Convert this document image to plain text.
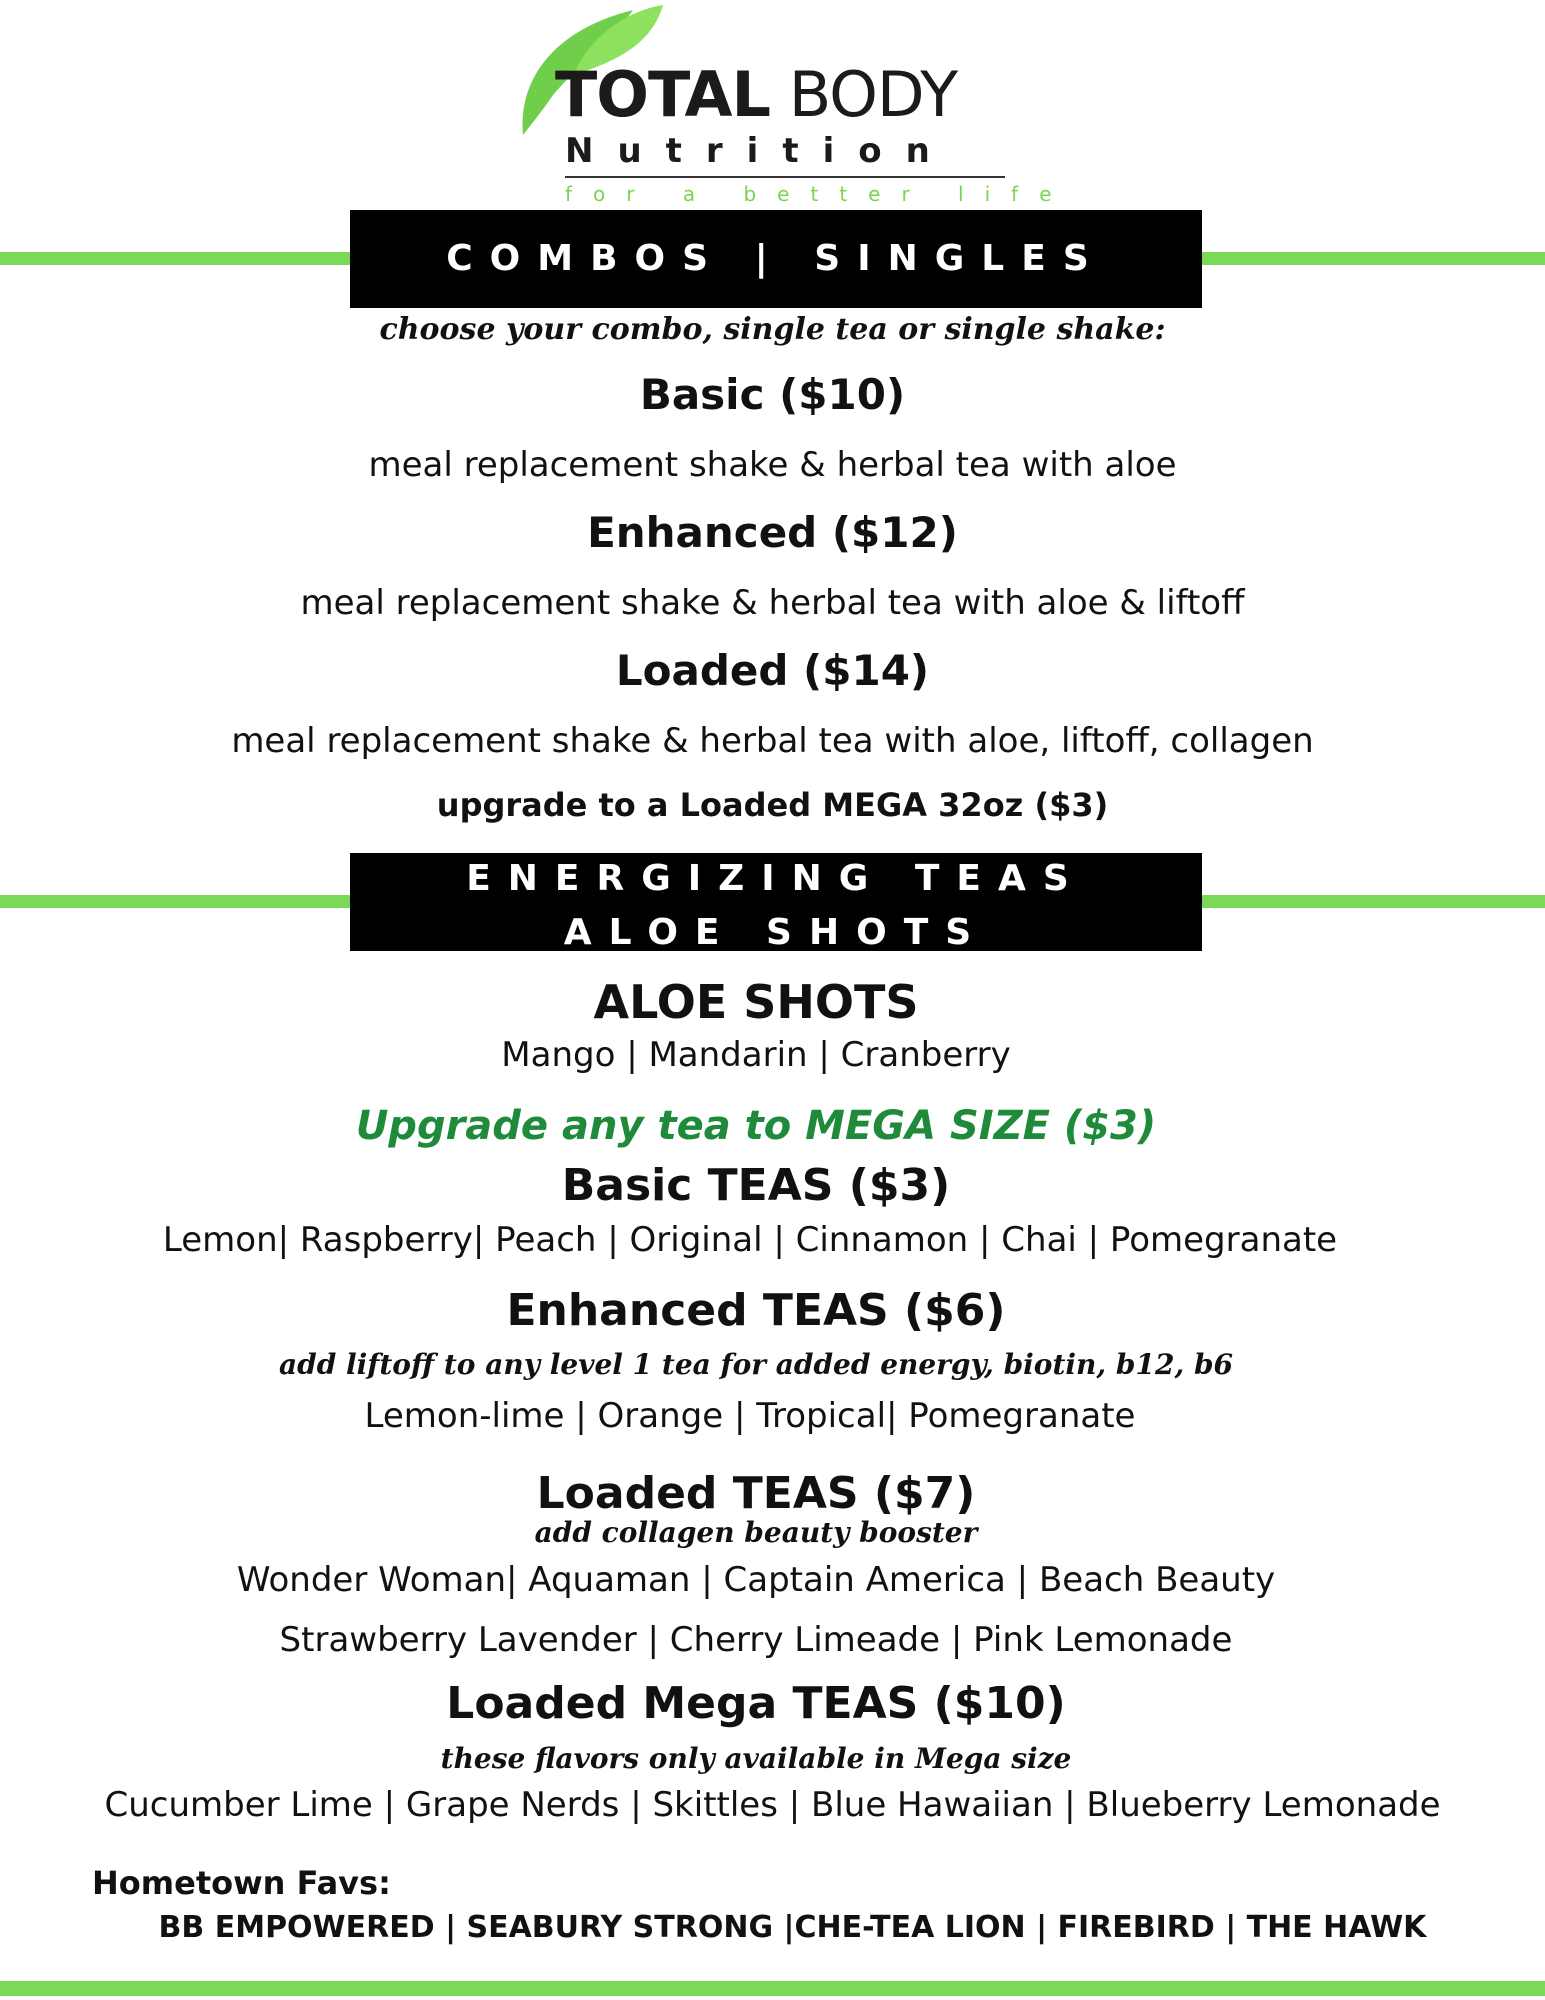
TOTAL BODY
Nutrition
for a better life
COMBOS | SINGLES
choose your combo, single tea or single shake:
Basic ($10)
meal replacement shake & herbal tea with aloe
Enhanced ($12)
meal replacement shake & herbal tea with aloe & liftoff
Loaded ($14)
meal replacement shake & herbal tea with aloe, liftoff, collagen
upgrade to a Loaded MEGA 32oz ($3)
ENERGIZING TEAS
ALOE SHOTS
ALOE SHOTS
Mango | Mandarin | Cranberry
Upgrade any tea to MEGA SIZE ($3)
Basic TEAS ($3)
Lemon| Raspberry| Peach | Original | Cinnamon | Chai | Pomegranate
Enhanced TEAS ($6)
add liftoff to any level 1 tea for added energy, biotin, b12, b6
Lemon-lime | Orange | Tropical| Pomegranate
Loaded TEAS ($7)
add collagen beauty booster
Wonder Woman| Aquaman | Captain America | Beach Beauty
Strawberry Lavender | Cherry Limeade | Pink Lemonade
Loaded Mega TEAS ($10)
these flavors only available in Mega size
Cucumber Lime | Grape Nerds | Skittles | Blue Hawaiian | Blueberry Lemonade
Hometown Favs:
BB EMPOWERED | SEABURY STRONG |CHE-TEA LION | FIREBIRD | THE HAWK
